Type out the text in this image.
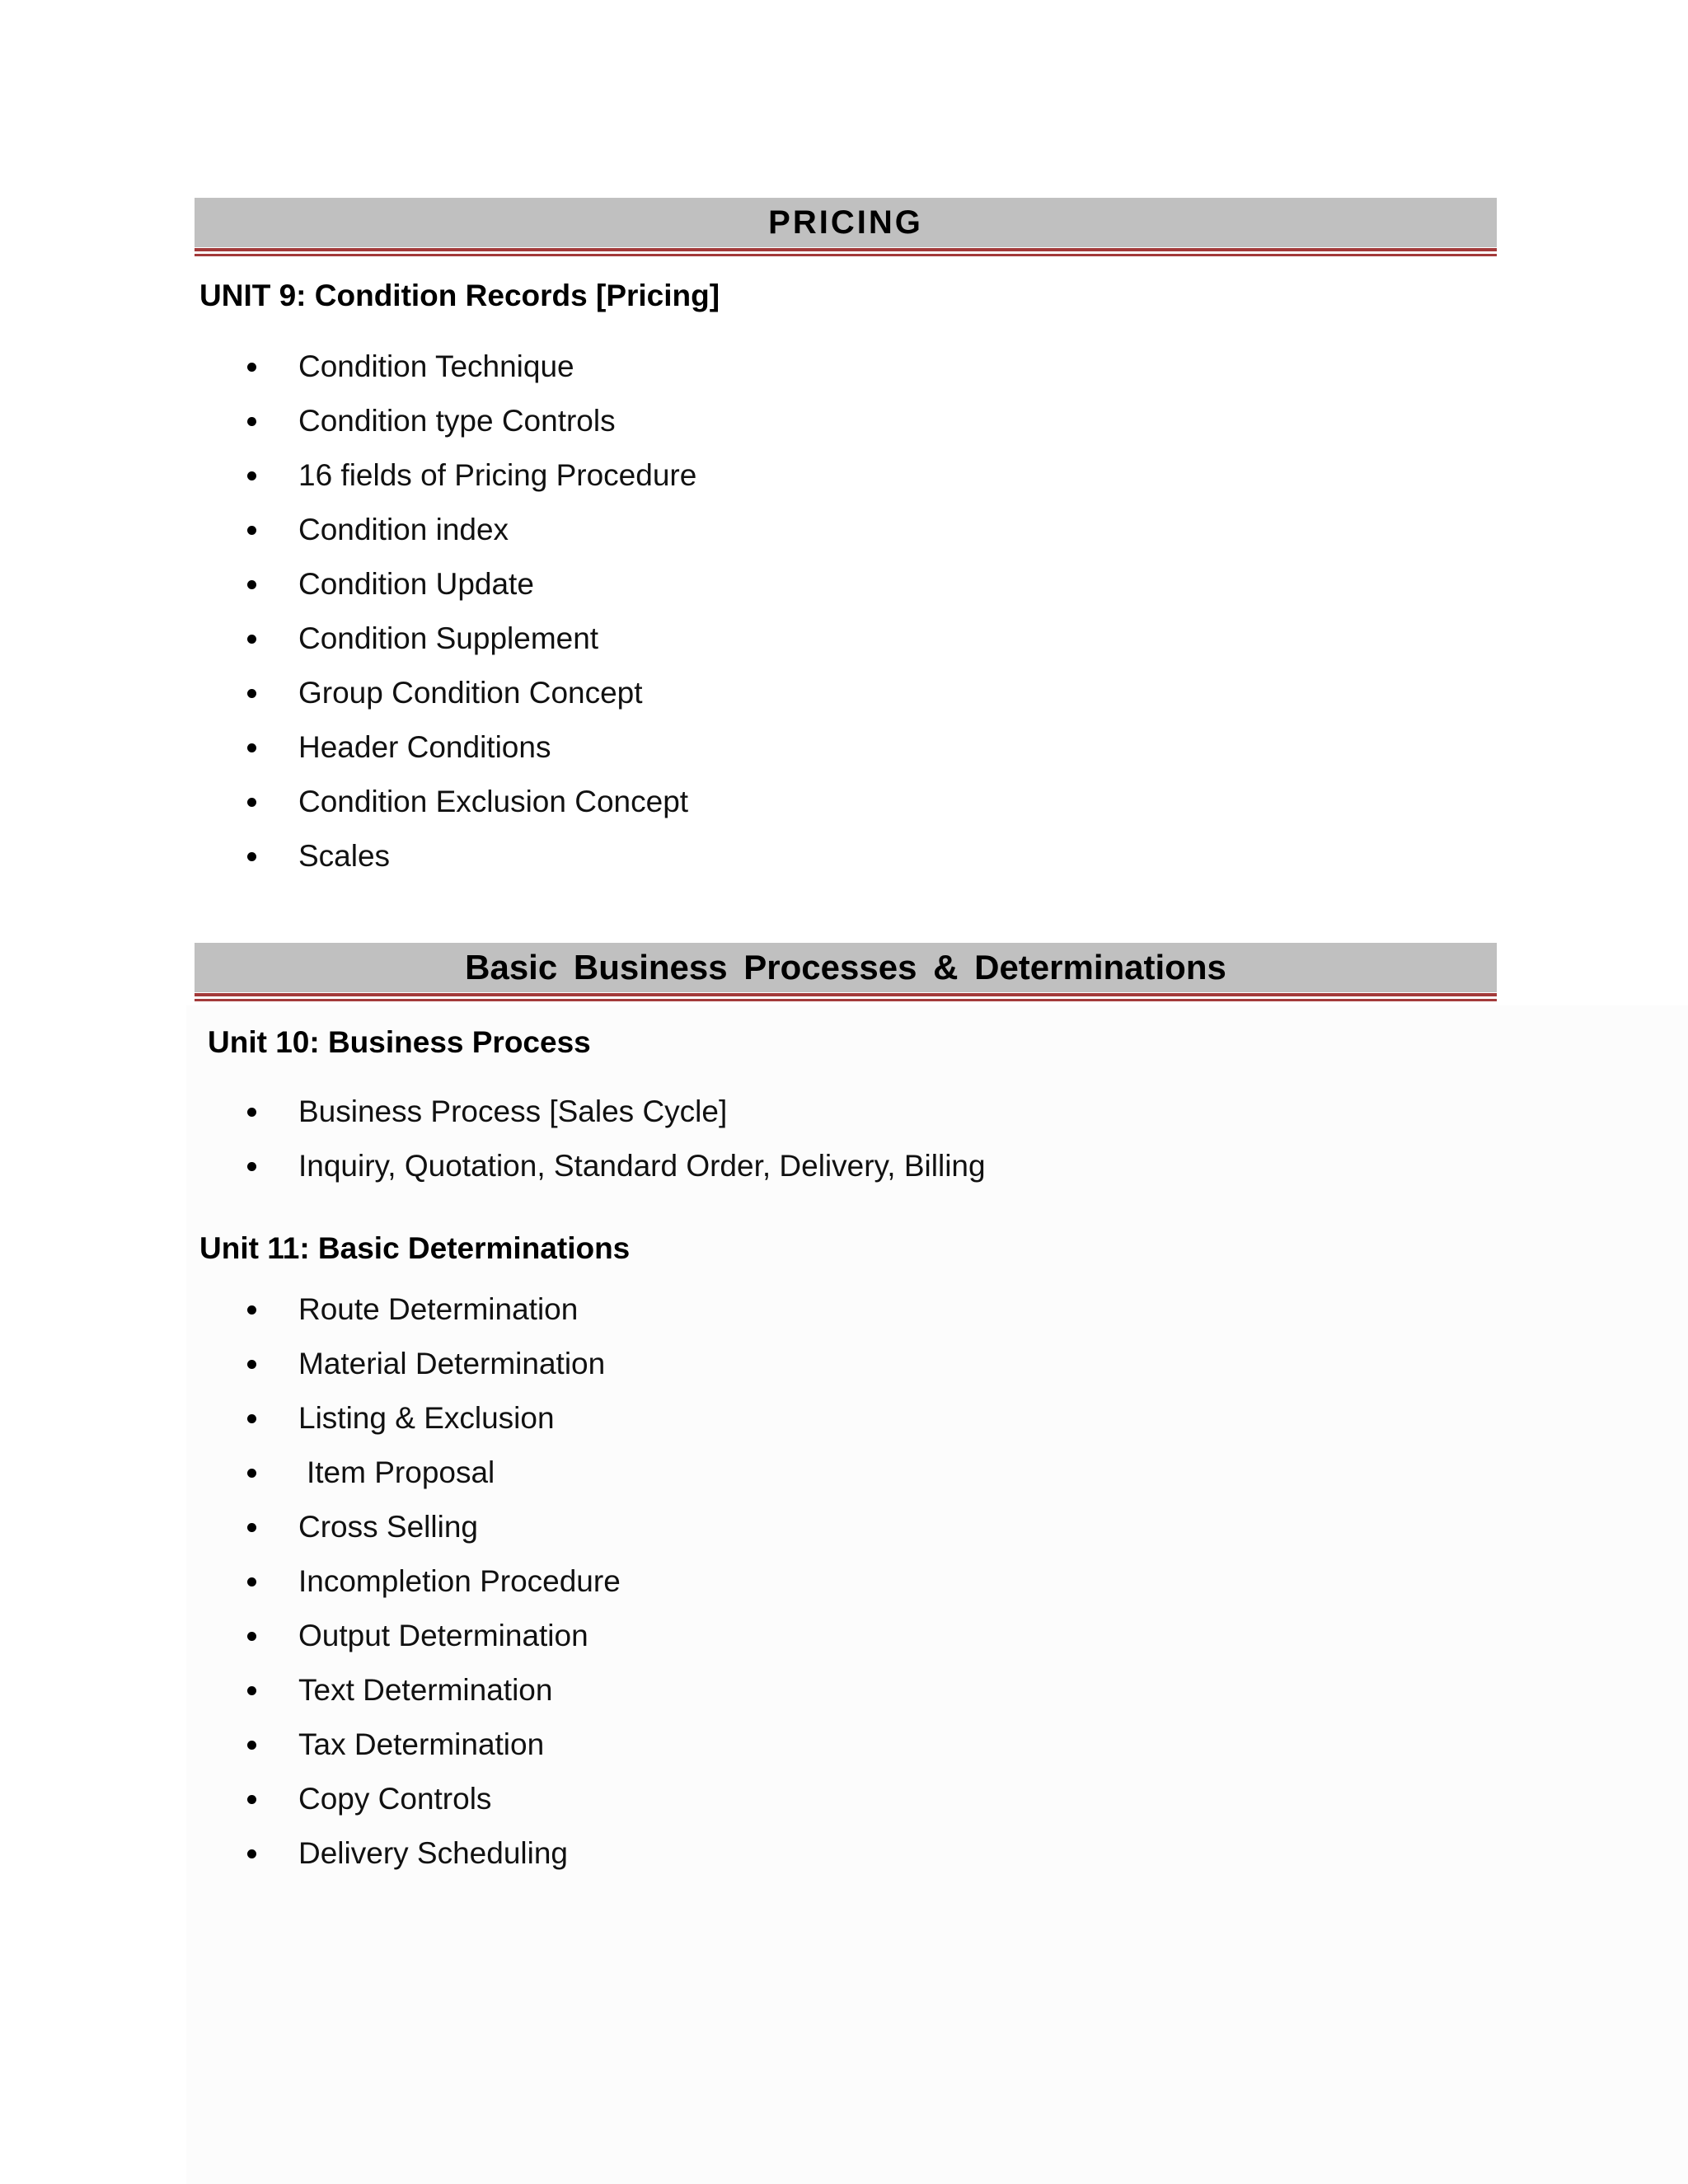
PRICING
UNIT 9: Condition Records [Pricing]
Condition Technique
Condition type Controls
16 fields of Pricing Procedure
Condition index
Condition Update
Condition Supplement
Group Condition Concept
Header Conditions
Condition Exclusion Concept
Scales
Basic Business Processes & Determinations
Unit 10: Business Process
Business Process [Sales Cycle]
Inquiry, Quotation, Standard Order, Delivery, Billing
Unit 11: Basic Determinations
Route Determination
Material Determination
Listing & Exclusion
Item Proposal
Cross Selling
Incompletion Procedure
Output Determination
Text Determination
Tax Determination
Copy Controls
Delivery Scheduling
